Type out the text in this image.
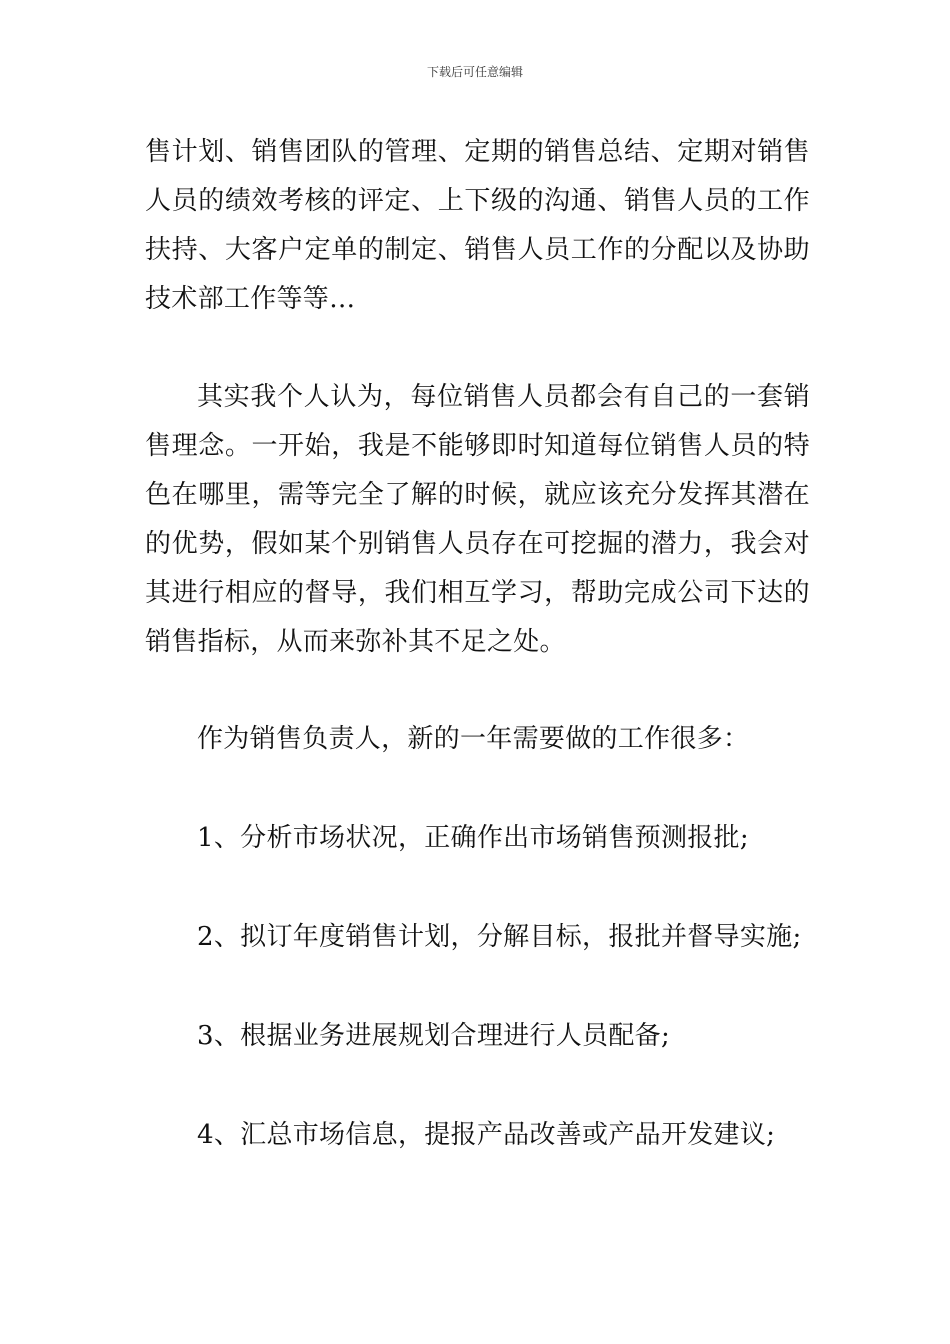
下载后可任意编辑

售计划、销售团队的管理、定期的销售总结、定期对销售人员的绩效考核的评定、上下级的沟通、销售人员的工作扶持、大客户定单的制定、销售人员工作的分配以及协助技术部工作等等…

其实我个人认为，每位销售人员都会有自己的一套销售理念。一开始，我是不能够即时知道每位销售人员的特色在哪里，需等完全了解的时候，就应该充分发挥其潜在的优势，假如某个别销售人员存在可挖掘的潜力，我会对其进行相应的督导，我们相互学习，帮助完成公司下达的销售指标，从而来弥补其不足之处。

作为销售负责人，新的一年需要做的工作很多：

1、分析市场状况，正确作出市场销售预测报批;

2、拟订年度销售计划，分解目标，报批并督导实施;

3、根据业务进展规划合理进行人员配备;

4、汇总市场信息，提报产品改善或产品开发建议;
